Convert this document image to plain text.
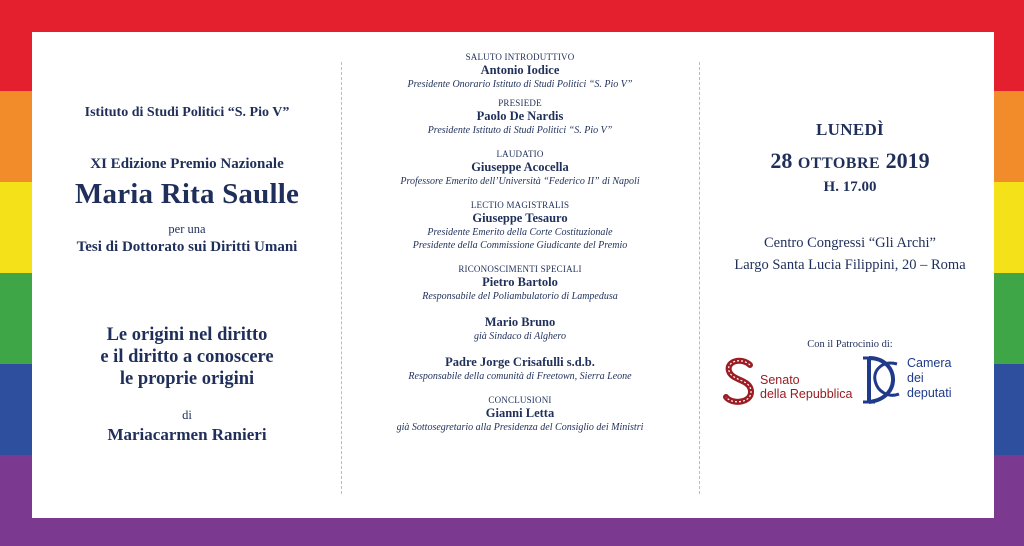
Istituto di Studi Politici “S. Pio V”
XI Edizione Premio Nazionale
Maria Rita Saulle
per una
Tesi di Dottorato sui Diritti Umani
Le origini nel diritto
e il diritto a conoscere
le proprie origini
di
Mariacarmen Ranieri
SALUTO INTRODUTTIVO
Antonio Iodice
Presidente Onorario Istituto di Studi Politici “S. Pio V”
PRESIEDE
Paolo De Nardis
Presidente Istituto di Studi Politici “S. Pio V”
LAUDATIO
Giuseppe Acocella
Professore Emerito dell’Università “Federico II” di Napoli
LECTIO MAGISTRALIS
Giuseppe Tesauro
Presidente Emerito della Corte Costituzionale
Presidente della Commissione Giudicante del Premio
RICONOSCIMENTI SPECIALI
Pietro Bartolo
Responsabile del Poliambulatorio di Lampedusa
Mario Bruno
già Sindaco di Alghero
Padre Jorge Crisafulli s.d.b.
Responsabile della comunità di Freetown, Sierra Leone
CONCLUSIONI
Gianni Letta
già Sottosegretario alla Presidenza del Consiglio dei Ministri
LUNEDÌ
28 OTTOBRE 2019
H. 17.00
Centro Congressi “Gli Archi”
Largo Santa Lucia Filippini, 20 – Roma
Con il Patrocinio di:
Senato
della Repubblica
Camera
dei
deputati
